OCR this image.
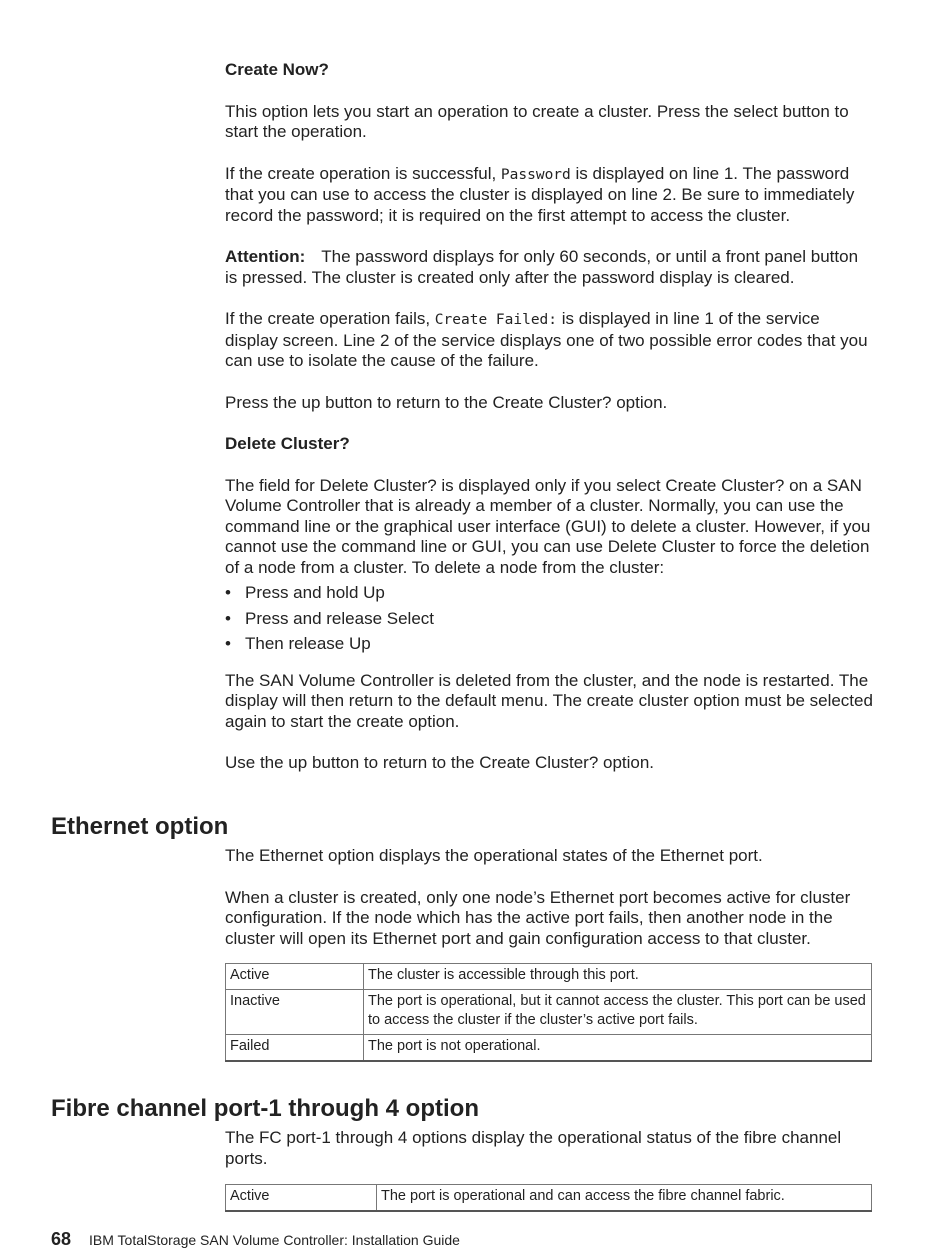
Create Now?

This option lets you start an operation to create a cluster. Press the select button to start the operation.

If the create operation is successful, Password is displayed on line 1. The password that you can use to access the cluster is displayed on line 2. Be sure to immediately record the password; it is required on the first attempt to access the cluster.

Attention: The password displays for only 60 seconds, or until a front panel button is pressed. The cluster is created only after the password display is cleared.

If the create operation fails, Create Failed: is displayed in line 1 of the service display screen. Line 2 of the service displays one of two possible error codes that you can use to isolate the cause of the failure.

Press the up button to return to the Create Cluster? option.

Delete Cluster?

The field for Delete Cluster? is displayed only if you select Create Cluster? on a SAN Volume Controller that is already a member of a cluster. Normally, you can use the command line or the graphical user interface (GUI) to delete a cluster. However, if you cannot use the command line or GUI, you can use Delete Cluster to force the deletion of a node from a cluster. To delete a node from the cluster:

• Press and hold Up
• Press and release Select
• Then release Up

The SAN Volume Controller is deleted from the cluster, and the node is restarted. The display will then return to the default menu. The create cluster option must be selected again to start the create option.

Use the up button to return to the Create Cluster? option.

Ethernet option

The Ethernet option displays the operational states of the Ethernet port.

When a cluster is created, only one node’s Ethernet port becomes active for cluster configuration. If the node which has the active port fails, then another node in the cluster will open its Ethernet port and gain configuration access to that cluster.

Active	The cluster is accessible through this port.
Inactive	The port is operational, but it cannot access the cluster. This port can be used to access the cluster if the cluster’s active port fails.
Failed	The port is not operational.
Fibre channel port-1 through 4 option

The FC port-1 through 4 options display the operational status of the fibre channel ports.

Active	The port is operational and can access the fibre channel fabric.
68 IBM TotalStorage SAN Volume Controller: Installation Guide
